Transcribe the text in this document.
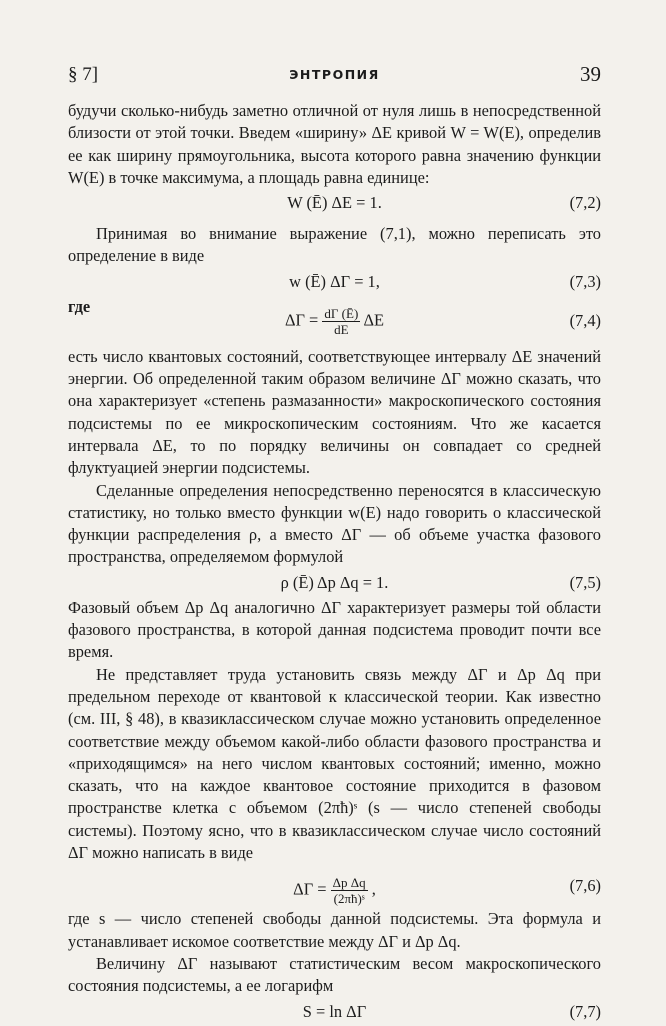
§ 7]	ЭНТРОПИЯ	39

будучи сколько-нибудь заметно отличной от нуля лишь в непосредственной близости от этой точки. Введем «ширину» ΔE кривой W = W(E), определив ее как ширину прямоугольника, высота которого равна значению функции W(E) в точке максимума, а площадь равна единице:

W (Ē) ΔE = 1.	(7,2)

Принимая во внимание выражение (7,1), можно переписать это определение в виде

w (Ē) ΔΓ = 1,	(7,3)
где
$\Delta\Gamma = \frac{d\Gamma (Ē)}{dE}$ ΔE	(7,4)

есть число квантовых состояний, соответствующее интервалу ΔE значений энергии. Об определенной таким образом величине ΔΓ можно сказать, что она характеризует «степень размазанности» макроскопического состояния подсистемы по ее микроскопическим состояниям. Что же касается интервала ΔE, то по порядку величины он совпадает со средней флуктуацией энергии подсистемы.

Сделанные определения непосредственно переносятся в классическую статистику, но только вместо функции w(E) надо говорить о классической функции распределения ρ, а вместо ΔΓ — об объеме участка фазового пространства, определяемом формулой

ρ (Ē) Δp Δq = 1.	(7,5)

Фазовый объем Δp Δq аналогично ΔΓ характеризует размеры той области фазового пространства, в которой данная подсистема проводит почти все время.

Не представляет труда установить связь между ΔΓ и Δp Δq при предельном переходе от квантовой к классической теории. Как известно (см. III, § 48), в квазиклассическом случае можно установить определенное соответствие между объемом какой-либо области фазового пространства и «приходящимся» на него числом квантовых состояний; именно, можно сказать, что на каждое квантовое состояние приходится в фазовом пространстве клетка с объемом (2πħ)ˢ (s — число степеней свободы системы). Поэтому ясно, что в квазиклассическом случае число состояний ΔΓ можно написать в виде

$\Delta\Gamma = \frac{\text{Δp Δq}}{\text{(2πħ)ˢ}}$ ,	(7,6)

где s — число степеней свободы данной подсистемы. Эта формула и устанавливает искомое соответствие между ΔΓ и Δp Δq.

Величину ΔΓ называют статистическим весом макроскопического состояния подсистемы, а ее логарифм

S = ln ΔΓ	(7,7)
